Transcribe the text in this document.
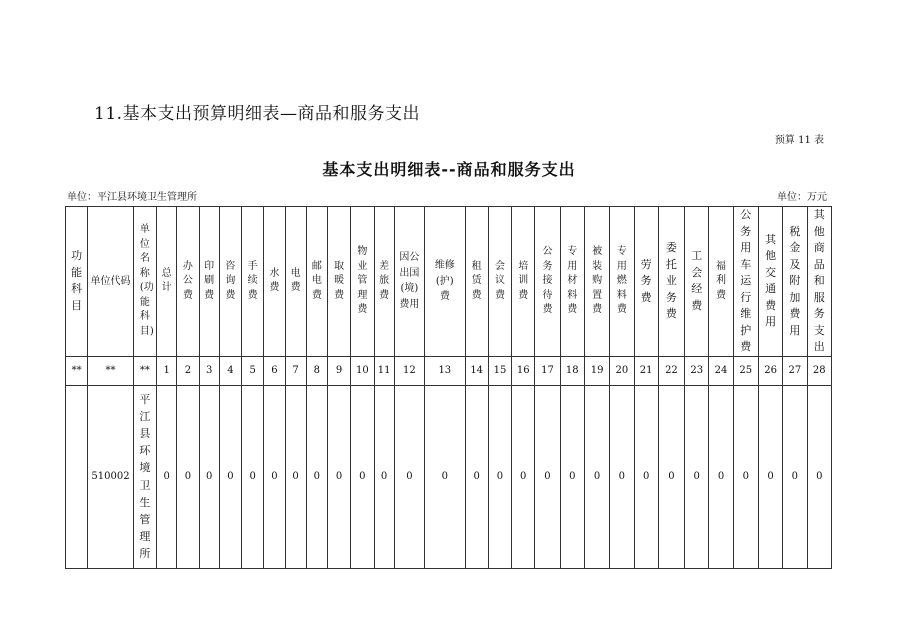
11.基本支出预算明细表—商品和服务支出
预算 11 表
基本支出明细表--商品和服务支出
单位：平江县环境卫生管理所	单位：万元
功能科目	单位代码	单位名称(功能科目)	总计	办公费	印刷费	咨询费	手续费	水费	电费	邮电费	取暖费	物业管理费	差旅费	因公出国(境)费用	维修(护)费	租赁费	会议费	培训费	公务接待费	专用材料费	被装购置费	专用燃料费	劳务费	委托业务费	工会经费	福利费	公务用车运行维护费	其他交通费用	税金及附加费用	其他商品和服务支出
**	**	**	1	2	3	4	5	6	7	8	9	10	11	12	13	14	15	16	17	18	19	20	21	22	23	24	25	26	27	28
	510002	平江县环境卫生管理所	0	0	0	0	0	0	0	0	0	0	0	0	0	0	0	0	0	0	0	0	0	0	0	0	0	0	0	0
